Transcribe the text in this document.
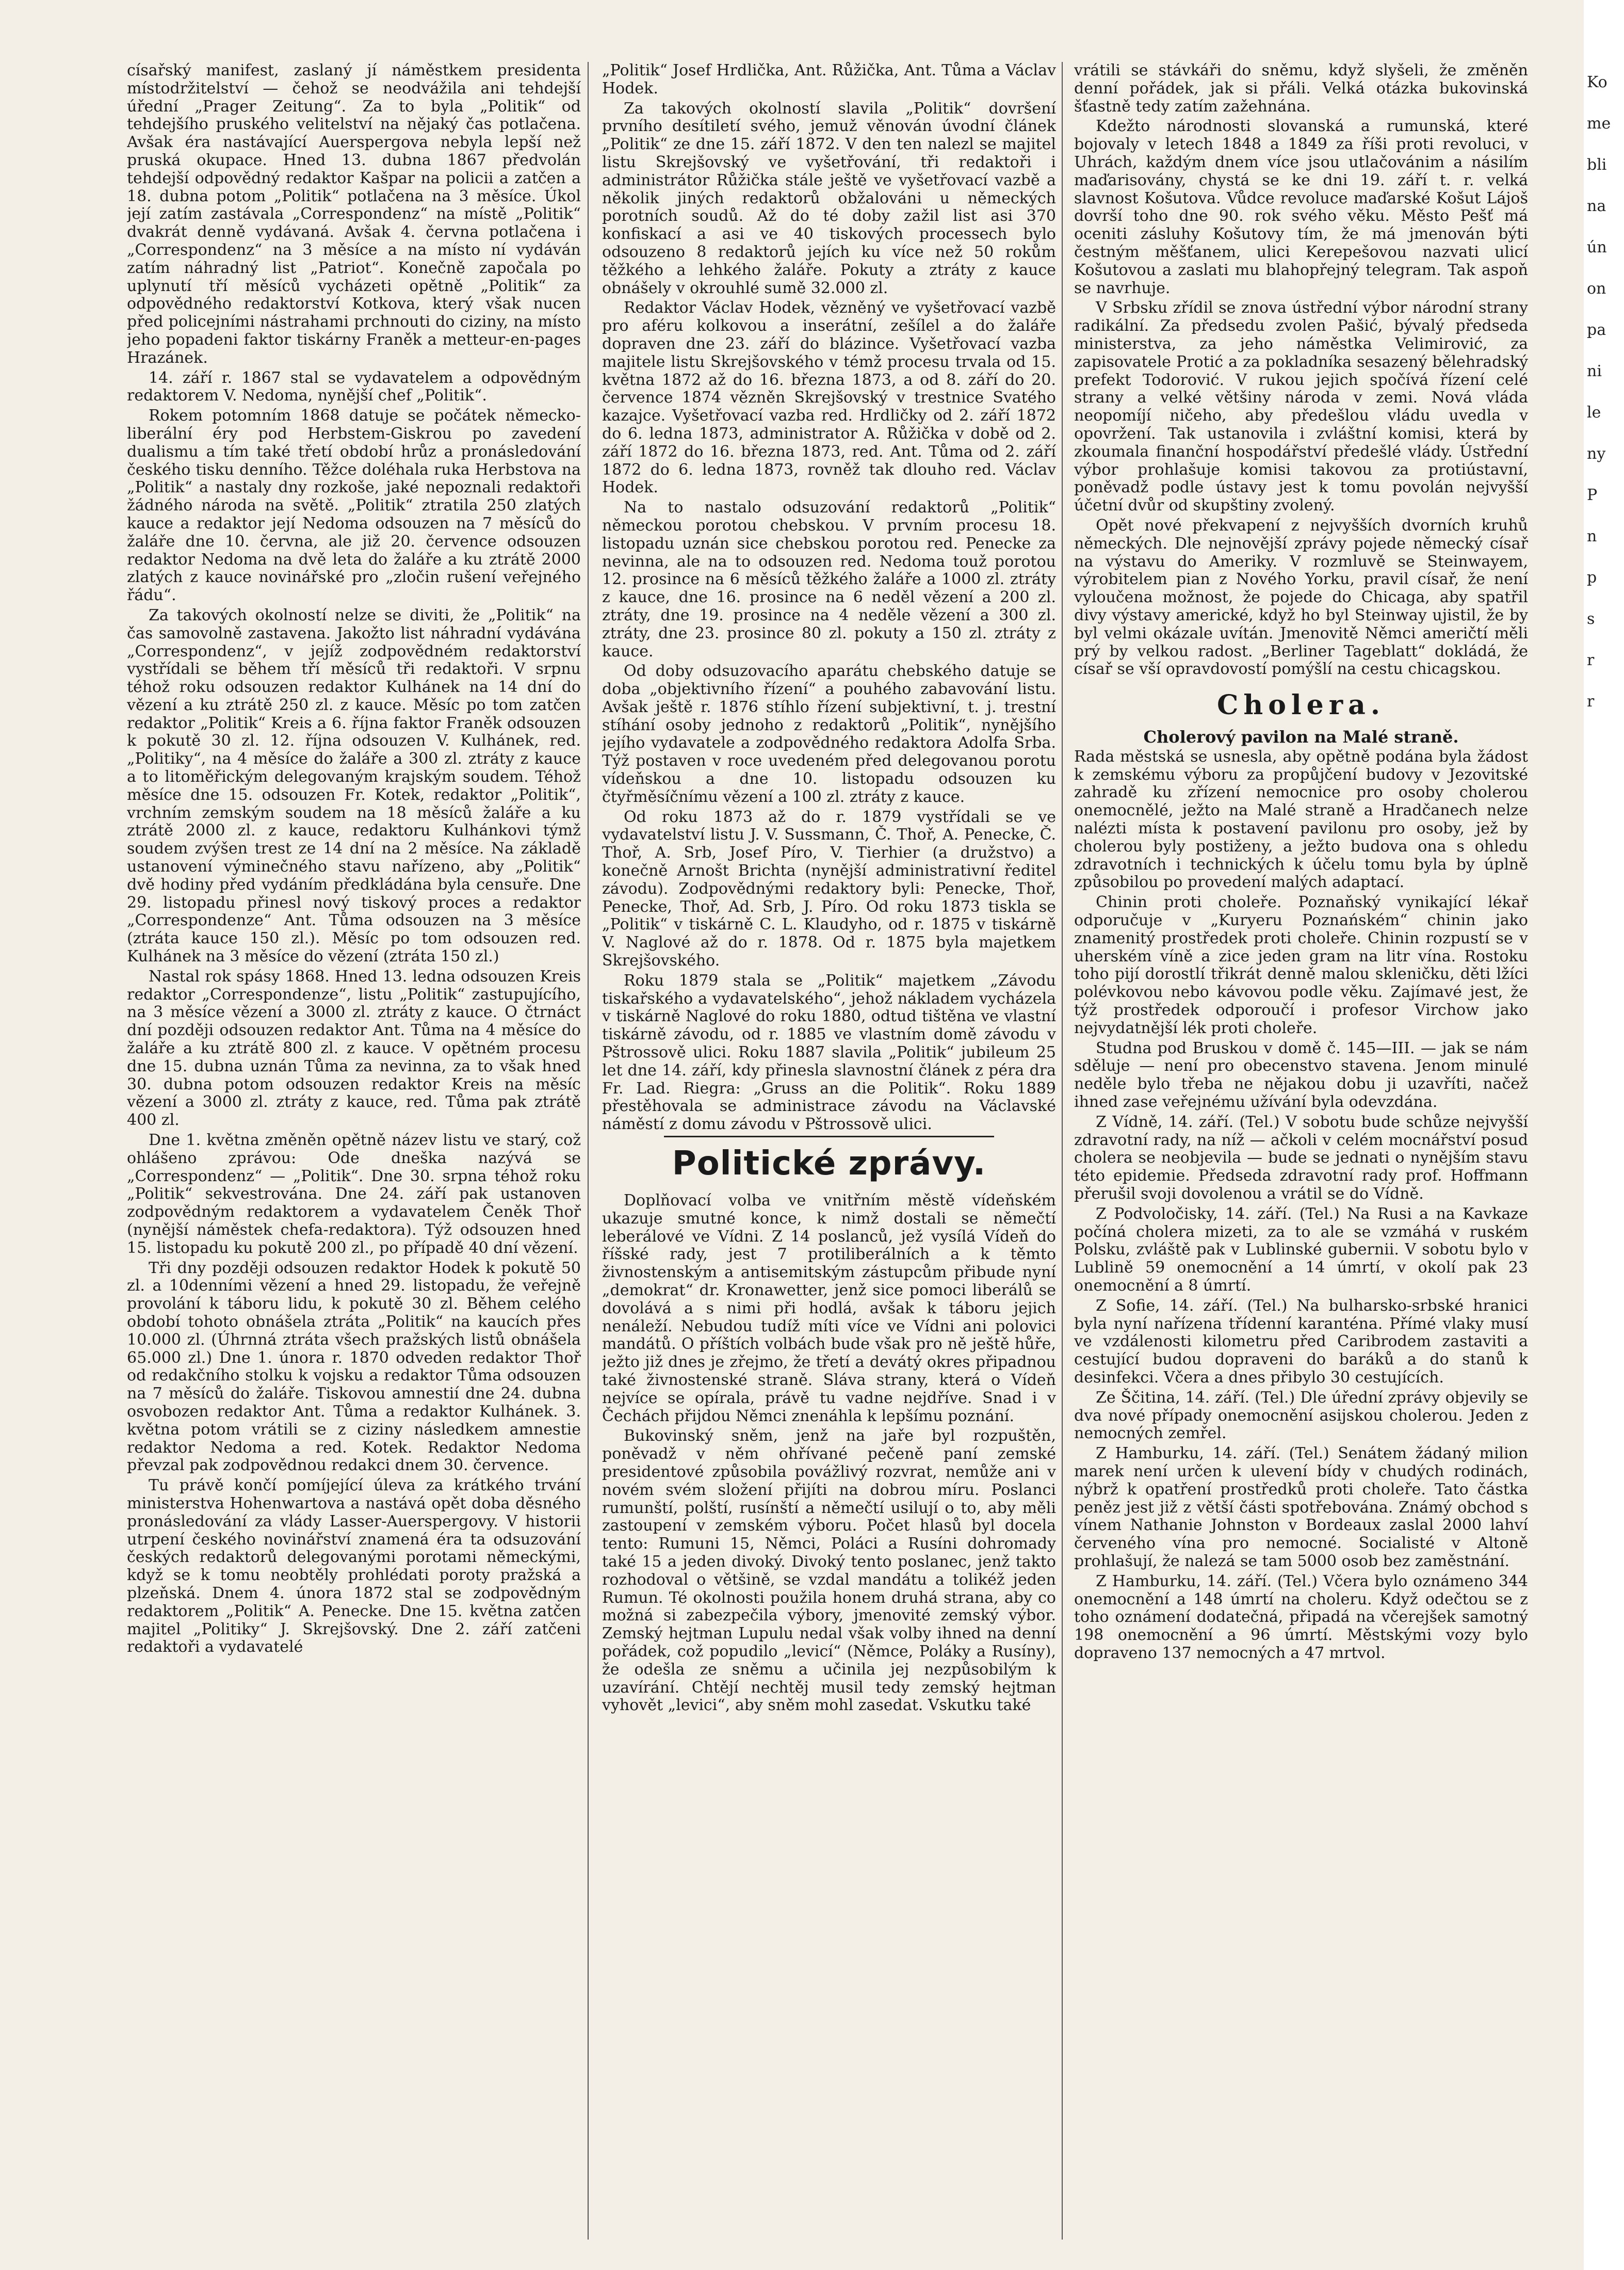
císařský manifest, zaslaný jí náměstkem presidenta místodržitelství — čehož se neodvážila ani tehdejší úřední „Prager Zeitung“. Za to byla „Politik“ od tehdejšího pruského velitelství na nějaký čas potlačena. Avšak éra nastávající Auerspergova nebyla lepší než pruská okupace. Hned 13. dubna 1867 předvolán tehdejší odpovědný redaktor Kašpar na policii a zatčen a 18. dubna potom „Politik“ potlačena na 3 měsíce. Úkol její zatím zastávala „Correspondenz“ na místě „Politik“ dvakrát denně vydávaná. Avšak 4. června potlačena i „Correspondenz“ na 3 měsíce a na místo ní vydáván zatím náhradný list „Patriot“. Konečně započala po uplynutí tří měsíců vycházeti opětně „Politik“ za odpovědného redaktorství Kotkova, který však nucen před policejními nástrahami prchnouti do ciziny, na místo jeho popadeni faktor tiskárny Franěk a metteur-en-pages Hrazánek.

14. září r. 1867 stal se vydavatelem a odpovědným redaktorem V. Nedoma, nynější chef „Politik“.

Rokem potomním 1868 datuje se počátek německo-liberální éry pod Herbstem-Giskrou po zavedení dualismu a tím také třetí období hrůz a pronásledování českého tisku denního. Těžce doléhala ruka Herbstova na „Politik“ a nastaly dny rozkoše, jaké nepoznali redaktoři žádného národa na světě. „Politik“ ztratila 250 zlatých kauce a redaktor její Nedoma odsouzen na 7 měsíců do žaláře dne 10. června, ale již 20. července odsouzen redaktor Nedoma na dvě leta do žaláře a ku ztrátě 2000 zlatých z kauce novinářské pro „zločin rušení veřejného řádu“.

Za takových okolností nelze se diviti, že „Politik“ na čas samovolně zastavena. Jakožto list náhradní vydávána „Correspondenz“, v jejíž zodpovědném redaktorství vystřídali se během tří měsíců tři redaktoři. V srpnu téhož roku odsouzen redaktor Kulhánek na 14 dní do vězení a ku ztrátě 250 zl. z kauce. Měsíc po tom zatčen redaktor „Politik“ Kreis a 6. října faktor Franěk odsouzen k pokutě 30 zl. 12. října odsouzen V. Kulhánek, red. „Politiky“, na 4 měsíce do žaláře a 300 zl. ztráty z kauce a to litoměřickým delegovaným krajským soudem. Téhož měsíce dne 15. odsouzen Fr. Kotek, redaktor „Politik“, vrchním zemským soudem na 18 měsíců žaláře a ku ztrátě 2000 zl. z kauce, redaktoru Kulhánkovi týmž soudem zvýšen trest ze 14 dní na 2 měsíce. Na základě ustanovení výminečného stavu nařízeno, aby „Politik“ dvě hodiny před vydáním předkládána byla censuře. Dne 29. listopadu přinesl nový tiskový proces a redaktor „Correspondenze“ Ant. Tůma odsouzen na 3 měsíce (ztráta kauce 150 zl.). Měsíc po tom odsouzen red. Kulhánek na 3 měsíce do vězení (ztráta 150 zl.)

Nastal rok spásy 1868. Hned 13. ledna odsouzen Kreis redaktor „Correspondenze“, listu „Politik“ zastupujícího, na 3 měsíce vězení a 3000 zl. ztráty z kauce. O čtrnáct dní později odsouzen redaktor Ant. Tůma na 4 měsíce do žaláře a ku ztrátě 800 zl. z kauce. V opětném procesu dne 15. dubna uznán Tůma za nevinna, za to však hned 30. dubna potom odsouzen redaktor Kreis na měsíc vězení a 3000 zl. ztráty z kauce, red. Tůma pak ztrátě 400 zl.

Dne 1. května změněn opětně název listu ve starý, což ohlášeno zprávou: Ode dneška nazývá se „Correspondenz“ — „Politik“. Dne 30. srpna téhož roku „Politik“ sekvestrována. Dne 24. září pak ustanoven zodpovědným redaktorem a vydavatelem Čeněk Thoř (nynější náměstek chefa-redaktora). Týž odsouzen hned 15. listopadu ku pokutě 200 zl., po případě 40 dní vězení.

Tři dny později odsouzen redaktor Hodek k pokutě 50 zl. a 10denními vězení a hned 29. listopadu, že veřejně provolání k táboru lidu, k pokutě 30 zl. Během celého období tohoto obnášela ztráta „Politik“ na kaucích přes 10.000 zl. (Úhrnná ztráta všech pražských listů obnášela 65.000 zl.) Dne 1. února r. 1870 odveden redaktor Thoř od redakčního stolku k vojsku a redaktor Tůma odsouzen na 7 měsíců do žaláře. Tiskovou amnestií dne 24. dubna osvobozen redaktor Ant. Tůma a redaktor Kulhánek. 3. května potom vrátili se z ciziny následkem amnestie redaktor Nedoma a red. Kotek. Redaktor Nedoma převzal pak zodpovědnou redakci dnem 30. července.

Tu právě končí pomíjející úleva za krátkého trvání ministerstva Hohenwartova a nastává opět doba děsného pronásledování za vlády Lasser-Auerspergovy. V historii utrpení českého novinářství znamená éra ta odsuzování českých redaktorů delegovanými porotami německými, když se k tomu neobtěly prohlédati poroty pražská a plzeňská. Dnem 4. února 1872 stal se zodpovědným redaktorem „Politik“ A. Penecke. Dne 15. května zatčen majitel „Politiky“ J. Skrejšovský. Dne 2. září zatčeni redaktoři a vydavatelé

„Politik“ Josef Hrdlička, Ant. Růžička, Ant. Tůma a Václav Hodek.

Za takových okolností slavila „Politik“ dovršení prvního desítiletí svého, jemuž věnován úvodní článek „Politik“ ze dne 15. září 1872. V den ten nalezl se majitel listu Skrejšovský ve vyšetřování, tři redaktoři i administrátor Růžička stále ještě ve vyšetřovací vazbě a několik jiných redaktorů obžalováni u německých porotních soudů. Až do té doby zažil list asi 370 konfiskací a asi ve 40 tiskových processech bylo odsouzeno 8 redaktorů jejích ku více než 50 rokům těžkého a lehkého žaláře. Pokuty a ztráty z kauce obnášely v okrouhlé sumě 32.000 zl.

Redaktor Václav Hodek, vězněný ve vyšetřovací vazbě pro aféru kolkovou a inserátní, zešílel a do žaláře dopraven dne 23. září do blázince. Vyšetřovací vazba majitele listu Skrejšovského v témž procesu trvala od 15. května 1872 až do 16. března 1873, a od 8. září do 20. července 1874 vězněn Skrejšovský v trestnice Svatého kazajce. Vyšetřovací vazba red. Hrdličky od 2. září 1872 do 6. ledna 1873, administrator A. Růžička v době od 2. září 1872 do 16. března 1873, red. Ant. Tůma od 2. září 1872 do 6. ledna 1873, rovněž tak dlouho red. Václav Hodek.

Na to nastalo odsuzování redaktorů „Politik“ německou porotou chebskou. V prvním procesu 18. listopadu uznán sice chebskou porotou red. Penecke za nevinna, ale na to odsouzen red. Nedoma touž porotou 12. prosince na 6 měsíců těžkého žaláře a 1000 zl. ztráty z kauce, dne 16. prosince na 6 neděl vězení a 200 zl. ztráty, dne 19. prosince na 4 neděle vězení a 300 zl. ztráty, dne 23. prosince 80 zl. pokuty a 150 zl. ztráty z kauce.

Od doby odsuzovacího aparátu chebského datuje se doba „objektivního řízení“ a pouhého zabavování listu. Avšak ještě r. 1876 stíhlo řízení subjektivní, t. j. trestní stíhání osoby jednoho z redaktorů „Politik“, nynějšího jejího vydavatele a zodpovědného redaktora Adolfa Srba. Týž postaven v roce uvedeném před delegovanou porotu vídeňskou a dne 10. listopadu odsouzen ku čtyřměsíčnímu vězení a 100 zl. ztráty z kauce.

Od roku 1873 až do r. 1879 vystřídali se ve vydavatelství listu J. V. Sussmann, Č. Thoř, A. Penecke, Č. Thoř, A. Srb, Josef Píro, V. Tierhier (a družstvo) a konečně Arnošt Brichta (nynější administrativní ředitel závodu). Zodpovědnými redaktory byli: Penecke, Thoř, Penecke, Thoř, Ad. Srb, J. Píro. Od roku 1873 tiskla se „Politik“ v tiskárně C. L. Klaudyho, od r. 1875 v tiskárně V. Naglové až do r. 1878. Od r. 1875 byla majetkem Skrejšovského.

Roku 1879 stala se „Politik“ majetkem „Závodu tiskařského a vydavatelského“, jehož nákladem vycházela v tiskárně Naglové do roku 1880, odtud tištěna ve vlastní tiskárně závodu, od r. 1885 ve vlastním domě závodu v Pštrossově ulici. Roku 1887 slavila „Politik“ jubileum 25 let dne 14. září, kdy přinesla slavnostní článek z péra dra Fr. Lad. Riegra: „Gruss an die Politik“. Roku 1889 přestěhovala se administrace závodu na Václavské náměstí z domu závodu v Pštrossově ulici.

Politické zprávy.

Doplňovací volba ve vnitřním městě vídeňském ukazuje smutné konce, k nimž dostali se němečtí leberálové ve Vídni. Z 14 poslanců, jež vysílá Vídeň do říšské rady, jest 7 protiliberálních a k těmto živnostenským a antisemitským zástupcům přibude nyní „demokrat“ dr. Kronawetter, jenž sice pomoci liberálů se dovolává a s nimi při hodlá, avšak k táboru jejich nenáleží. Nebudou tudíž míti více ve Vídni ani polovici mandátů. O příštích volbách bude však pro ně ještě hůře, ježto již dnes je zřejmo, že třetí a devátý okres připadnou také živnostenské straně. Sláva strany, která o Vídeň nejvíce se opírala, právě tu vadne nejdříve. Snad i v Čechách přijdou Němci znenáhla k lepšímu poznání.

Bukovinský sněm, jenž na jaře byl rozpuštěn, poněvadž v něm ohřívané pečeně paní zemské presidentové způsobila povážlivý rozvrat, nemůže ani v novém svém složení přijíti na dobrou míru. Poslanci rumunští, polští, rusínští a němečtí usilují o to, aby měli zastoupení v zemském výboru. Počet hlasů byl docela tento: Rumuni 15, Němci, Poláci a Rusíni dohromady také 15 a jeden divoký. Divoký tento poslanec, jenž takto rozhodoval o většině, se vzdal mandátu a tolikéž jeden Rumun. Té okolnosti použila honem druhá strana, aby co možná si zabezpečila výbory, jmenovité zemský výbor. Zemský hejtman Lupulu nedal však volby ihned na denní pořádek, což popudilo „levicí“ (Němce, Poláky a Rusíny), že odešla ze sněmu a učinila jej nezpůsobilým k uzavírání. Chtějí nechtěj musil tedy zemský hejtman vyhovět „levici“, aby sněm mohl zasedat. Vskutku také

vrátili se stávkáři do sněmu, když slyšeli, že změněn denní pořádek, jak si přáli. Velká otázka bukovinská šťastně tedy zatím zažehnána.

Kdežto národnosti slovanská a rumunská, které bojovaly v letech 1848 a 1849 za říši proti revoluci, v Uhrách, každým dnem více jsou utlačovánim a násilím maďarisovány, chystá se ke dni 19. září t. r. velká slavnost Košutova. Vůdce revoluce maďarské Košut Lájoš dovrší toho dne 90. rok svého věku. Město Pešť má oceniti zásluhy Košutovy tím, že má jmenován býti čestným měšťanem, ulici Kerepešovou nazvati ulicí Košutovou a zaslati mu blahopřejný telegram. Tak aspoň se navrhuje.

V Srbsku zřídil se znova ústřední výbor národní strany radikální. Za předsedu zvolen Pašić, bývalý předseda ministerstva, za jeho náměstka Velimirović, za zapisovatele Protić a za pokladníka sesazený bělehradský prefekt Todorović. V rukou jejich spočívá řízení celé strany a velké většiny národa v zemi. Nová vláda neopomíjí ničeho, aby předešlou vládu uvedla v opovržení. Tak ustanovila i zvláštní komisi, která by zkoumala finanční hospodářství předešlé vlády. Ústřední výbor prohlašuje komisi takovou za protiústavní, poněvadž podle ústavy jest k tomu povolán nejvyšší účetní dvůr od skupštiny zvolený.

Opět nové překvapení z nejvyšších dvorních kruhů německých. Dle nejnovější zprávy pojede německý císař na výstavu do Ameriky. V rozmluvě se Steinwayem, výrobitelem pian z Nového Yorku, pravil císař, že není vyloučena možnost, že pojede do Chicaga, aby spatřil divy výstavy americké, když ho byl Steinway ujistil, že by byl velmi okázale uvítán. Jmenovitě Němci američtí měli prý by velkou radost. „Berliner Tageblatt“ dokládá, že císař se vší opravdovostí pomýšlí na cestu chicagskou.

Cholera.
Cholerový pavilon na Malé straně.

Rada městská se usnesla, aby opětně podána byla žádost k zemskému výboru za propůjčení budovy v Jezovitské zahradě ku zřízení nemocnice pro osoby cholerou onemocnělé, ježto na Malé straně a Hradčanech nelze nalézti místa k postavení pavilonu pro osoby, jež by cholerou byly postiženy, a ježto budova ona s ohledu zdravotních i technických k účelu tomu byla by úplně způsobilou po provedení malých adaptací.

Chinin proti choleře. Poznaňský vynikající lékař odporučuje v „Kuryeru Poznańském“ chinin jako znamenitý prostředek proti choleře. Chinin rozpustí se v uherském víně a zice jeden gram na litr vína. Rostoku toho pijí dorostlí třikrát denně malou skleničku, děti lžíci polévkovou nebo kávovou podle věku. Zajímavé jest, že týž prostředek odporoučí i profesor Virchow jako nejvydatnější lék proti choleře.

Studna pod Bruskou v domě č. 145—III. — jak se nám sděluje — není pro obecenstvo stavena. Jenom minulé neděle bylo třeba ne nějakou dobu ji uzavříti, načež ihned zase veřejnému užívání byla odevzdána.

Z Vídně, 14. září. (Tel.) V sobotu bude schůze nejvyšší zdravotní rady, na níž — ačkoli v celém mocnářství posud cholera se neobjevila — bude se jednati o nynějším stavu této epidemie. Předseda zdravotní rady prof. Hoffmann přerušil svoji dovolenou a vrátil se do Vídně.

Z Podvoločisky, 14. září. (Tel.) Na Rusi a na Kavkaze počíná cholera mizeti, za to ale se vzmáhá v ruském Polsku, zvláště pak v Lublinské gubernii. V sobotu bylo v Lublině 59 onemocnění a 14 úmrtí, v okolí pak 23 onemocnění a 8 úmrtí.

Z Sofie, 14. září. (Tel.) Na bulharsko-srbské hranici byla nyní nařízena třídenní karanténa. Přímé vlaky musí ve vzdálenosti kilometru před Caribrodem zastaviti a cestující budou dopraveni do baráků a do stanů k desinfekci. Včera a dnes přibylo 30 cestujících.

Ze Ščitina, 14. září. (Tel.) Dle úřední zprávy objevily se dva nové případy onemocnění asijskou cholerou. Jeden z nemocných zemřel.

Z Hamburku, 14. září. (Tel.) Senátem žádaný milion marek není určen k ulevení bídy v chudých rodinách, nýbrž k opatření prostředků proti choleře. Tato částka peněz jest již z větší části spotřebována. Známý obchod s vínem Nathanie Johnston v Bordeaux zaslal 2000 lahví červeného vína pro nemocné. Socialisté v Altoně prohlašují, že nalezá se tam 5000 osob bez zaměstnání.

Z Hamburku, 14. září. (Tel.) Včera bylo oznámeno 344 onemocnění a 148 úmrtí na choleru. Když odečtou se z toho oznámení dodatečná, připadá na včerejšek samotný 198 onemocnění a 96 úmrtí. Městskými vozy bylo dopraveno 137 nemocných a 47 mrtvol.

Ko
me
bli
na
ún
on
pa
ni
le
ny
P
n
p
s
r
r
